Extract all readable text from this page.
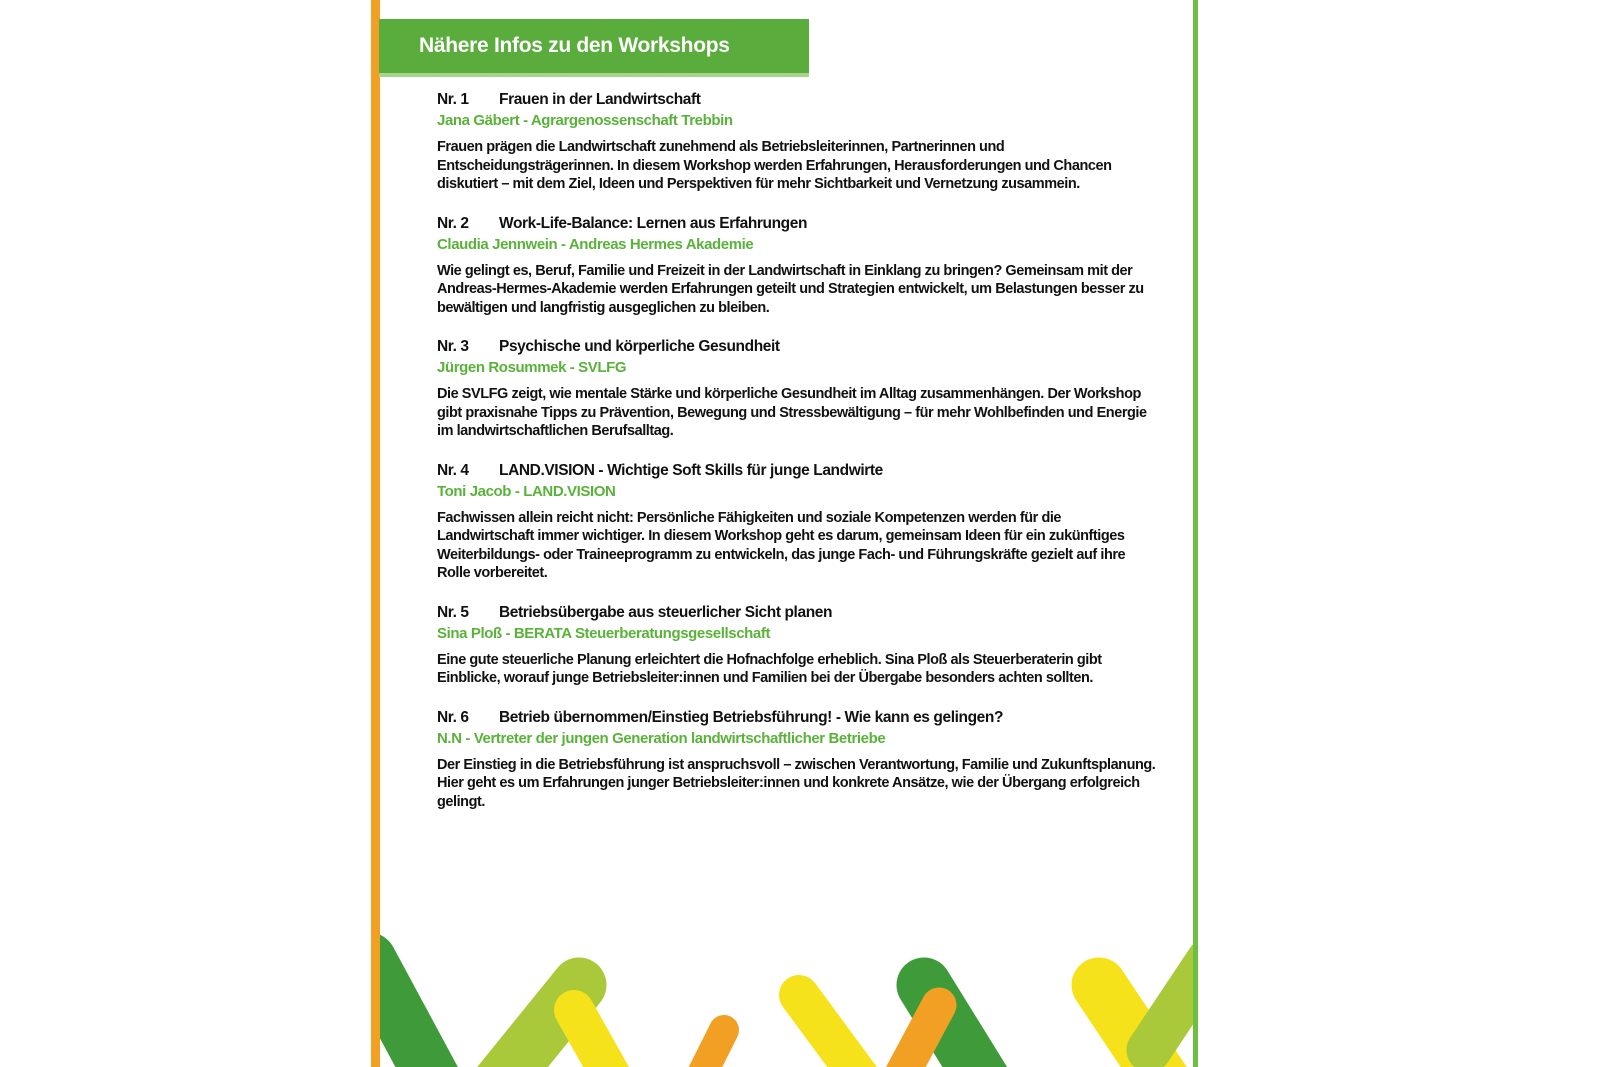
Nähere Infos zu den Workshops
Nr. 1	Frauen in der Landwirtschaft
Jana Gäbert - Agrargenossenschaft Trebbin
Frauen prägen die Landwirtschaft zunehmend als Betriebsleiterinnen, Partnerinnen und Entscheidungsträgerinnen. In diesem Workshop werden Erfahrungen, Herausforderungen und Chancen diskutiert – mit dem Ziel, Ideen und Perspektiven für mehr Sichtbarkeit und Vernetzung zusammein.
Nr. 2	Work-Life-Balance: Lernen aus Erfahrungen
Claudia Jennwein - Andreas Hermes Akademie
Wie gelingt es, Beruf, Familie und Freizeit in der Landwirtschaft in Einklang zu bringen? Gemeinsam mit der Andreas-Hermes-Akademie werden Erfahrungen geteilt und Strategien entwickelt, um Belastungen besser zu bewältigen und langfristig ausgeglichen zu bleiben.
Nr. 3	Psychische und körperliche Gesundheit
Jürgen Rosummek - SVLFG
Die SVLFG zeigt, wie mentale Stärke und körperliche Gesundheit im Alltag zusammenhängen. Der Workshop gibt praxisnahe Tipps zu Prävention, Bewegung und Stressbewältigung – für mehr Wohlbefinden und Energie im landwirtschaftlichen Berufsalltag.
Nr. 4	LAND.VISION - Wichtige Soft Skills für junge Landwirte
Toni Jacob - LAND.VISION
Fachwissen allein reicht nicht: Persönliche Fähigkeiten und soziale Kompetenzen werden für die Landwirtschaft immer wichtiger. In diesem Workshop geht es darum, gemeinsam Ideen für ein zukünftiges Weiterbildungs- oder Traineeprogramm zu entwickeln, das junge Fach- und Führungskräfte gezielt auf ihre Rolle vorbereitet.
Nr. 5	Betriebsübergabe aus steuerlicher Sicht planen
Sina Ploß - BERATA Steuerberatungsgesellschaft
Eine gute steuerliche Planung erleichtert die Hofnachfolge erheblich. Sina Ploß als Steuerberaterin gibt Einblicke, worauf junge Betriebsleiter:innen und Familien bei der Übergabe besonders achten sollten.
Nr. 6	Betrieb übernommen/Einstieg Betriebsführung! - Wie kann es gelingen?
N.N - Vertreter der jungen Generation landwirtschaftlicher Betriebe
Der Einstieg in die Betriebsführung ist anspruchsvoll – zwischen Verantwortung, Familie und Zukunftsplanung. Hier geht es um Erfahrungen junger Betriebsleiter:innen und konkrete Ansätze, wie der Übergang erfolgreich gelingt.
